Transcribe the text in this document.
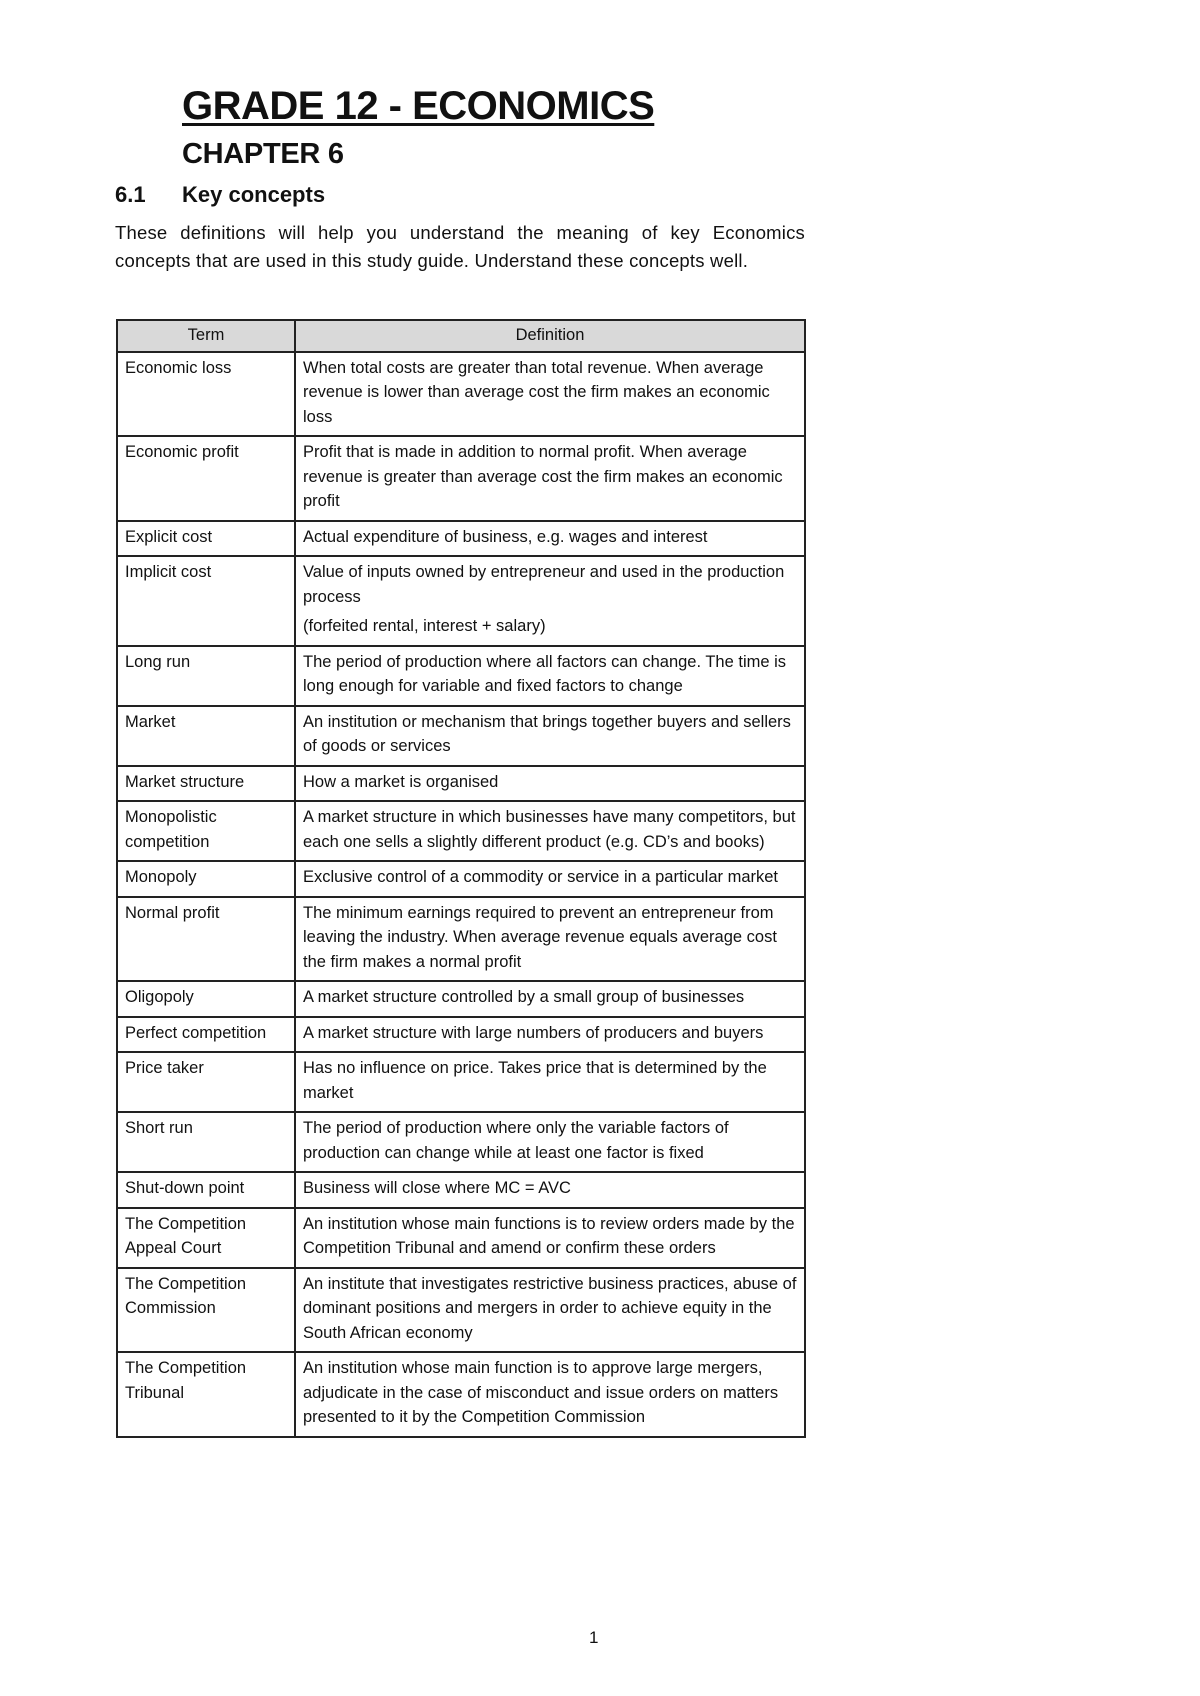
GRADE 12 - ECONOMICS
CHAPTER 6
6.1 Key concepts

These definitions will help you understand the meaning of key Economics concepts that are used in this study guide. Understand these concepts well.

Term	Definition
Economic loss	When total costs are greater than total revenue. When average revenue is lower than average cost the firm makes an economic loss
Economic profit	Profit that is made in addition to normal profit. When average revenue is greater than average cost the firm makes an economic profit
Explicit cost	Actual expenditure of business, e.g. wages and interest
Implicit cost	Value of inputs owned by entrepreneur and used in the production process
(forfeited rental, interest + salary)

Long run	The period of production where all factors can change. The time is long enough for variable and fixed factors to change
Market	An institution or mechanism that brings together buyers and sellers of goods or services
Market structure	How a market is organised
Monopolistic competition	A market structure in which businesses have many competitors, but each one sells a slightly different product (e.g. CD’s and books)
Monopoly	Exclusive control of a commodity or service in a particular market
Normal profit	The minimum earnings required to prevent an entrepreneur from leaving the industry. When average revenue equals average cost the firm makes a normal profit
Oligopoly	A market structure controlled by a small group of businesses
Perfect competition	A market structure with large numbers of producers and buyers
Price taker	Has no influence on price. Takes price that is determined by the market
Short run	The period of production where only the variable factors of production can change while at least one factor is fixed
Shut-down point	Business will close where MC = AVC
The Competition Appeal Court	An institution whose main functions is to review orders made by the Competition Tribunal and amend or confirm these orders
The Competition Commission	An institute that investigates restrictive business practices, abuse of dominant positions and mergers in order to achieve equity in the South African economy
The Competition Tribunal	An institution whose main function is to approve large mergers, adjudicate in the case of misconduct and issue orders on matters presented to it by the Competition Commission
1
